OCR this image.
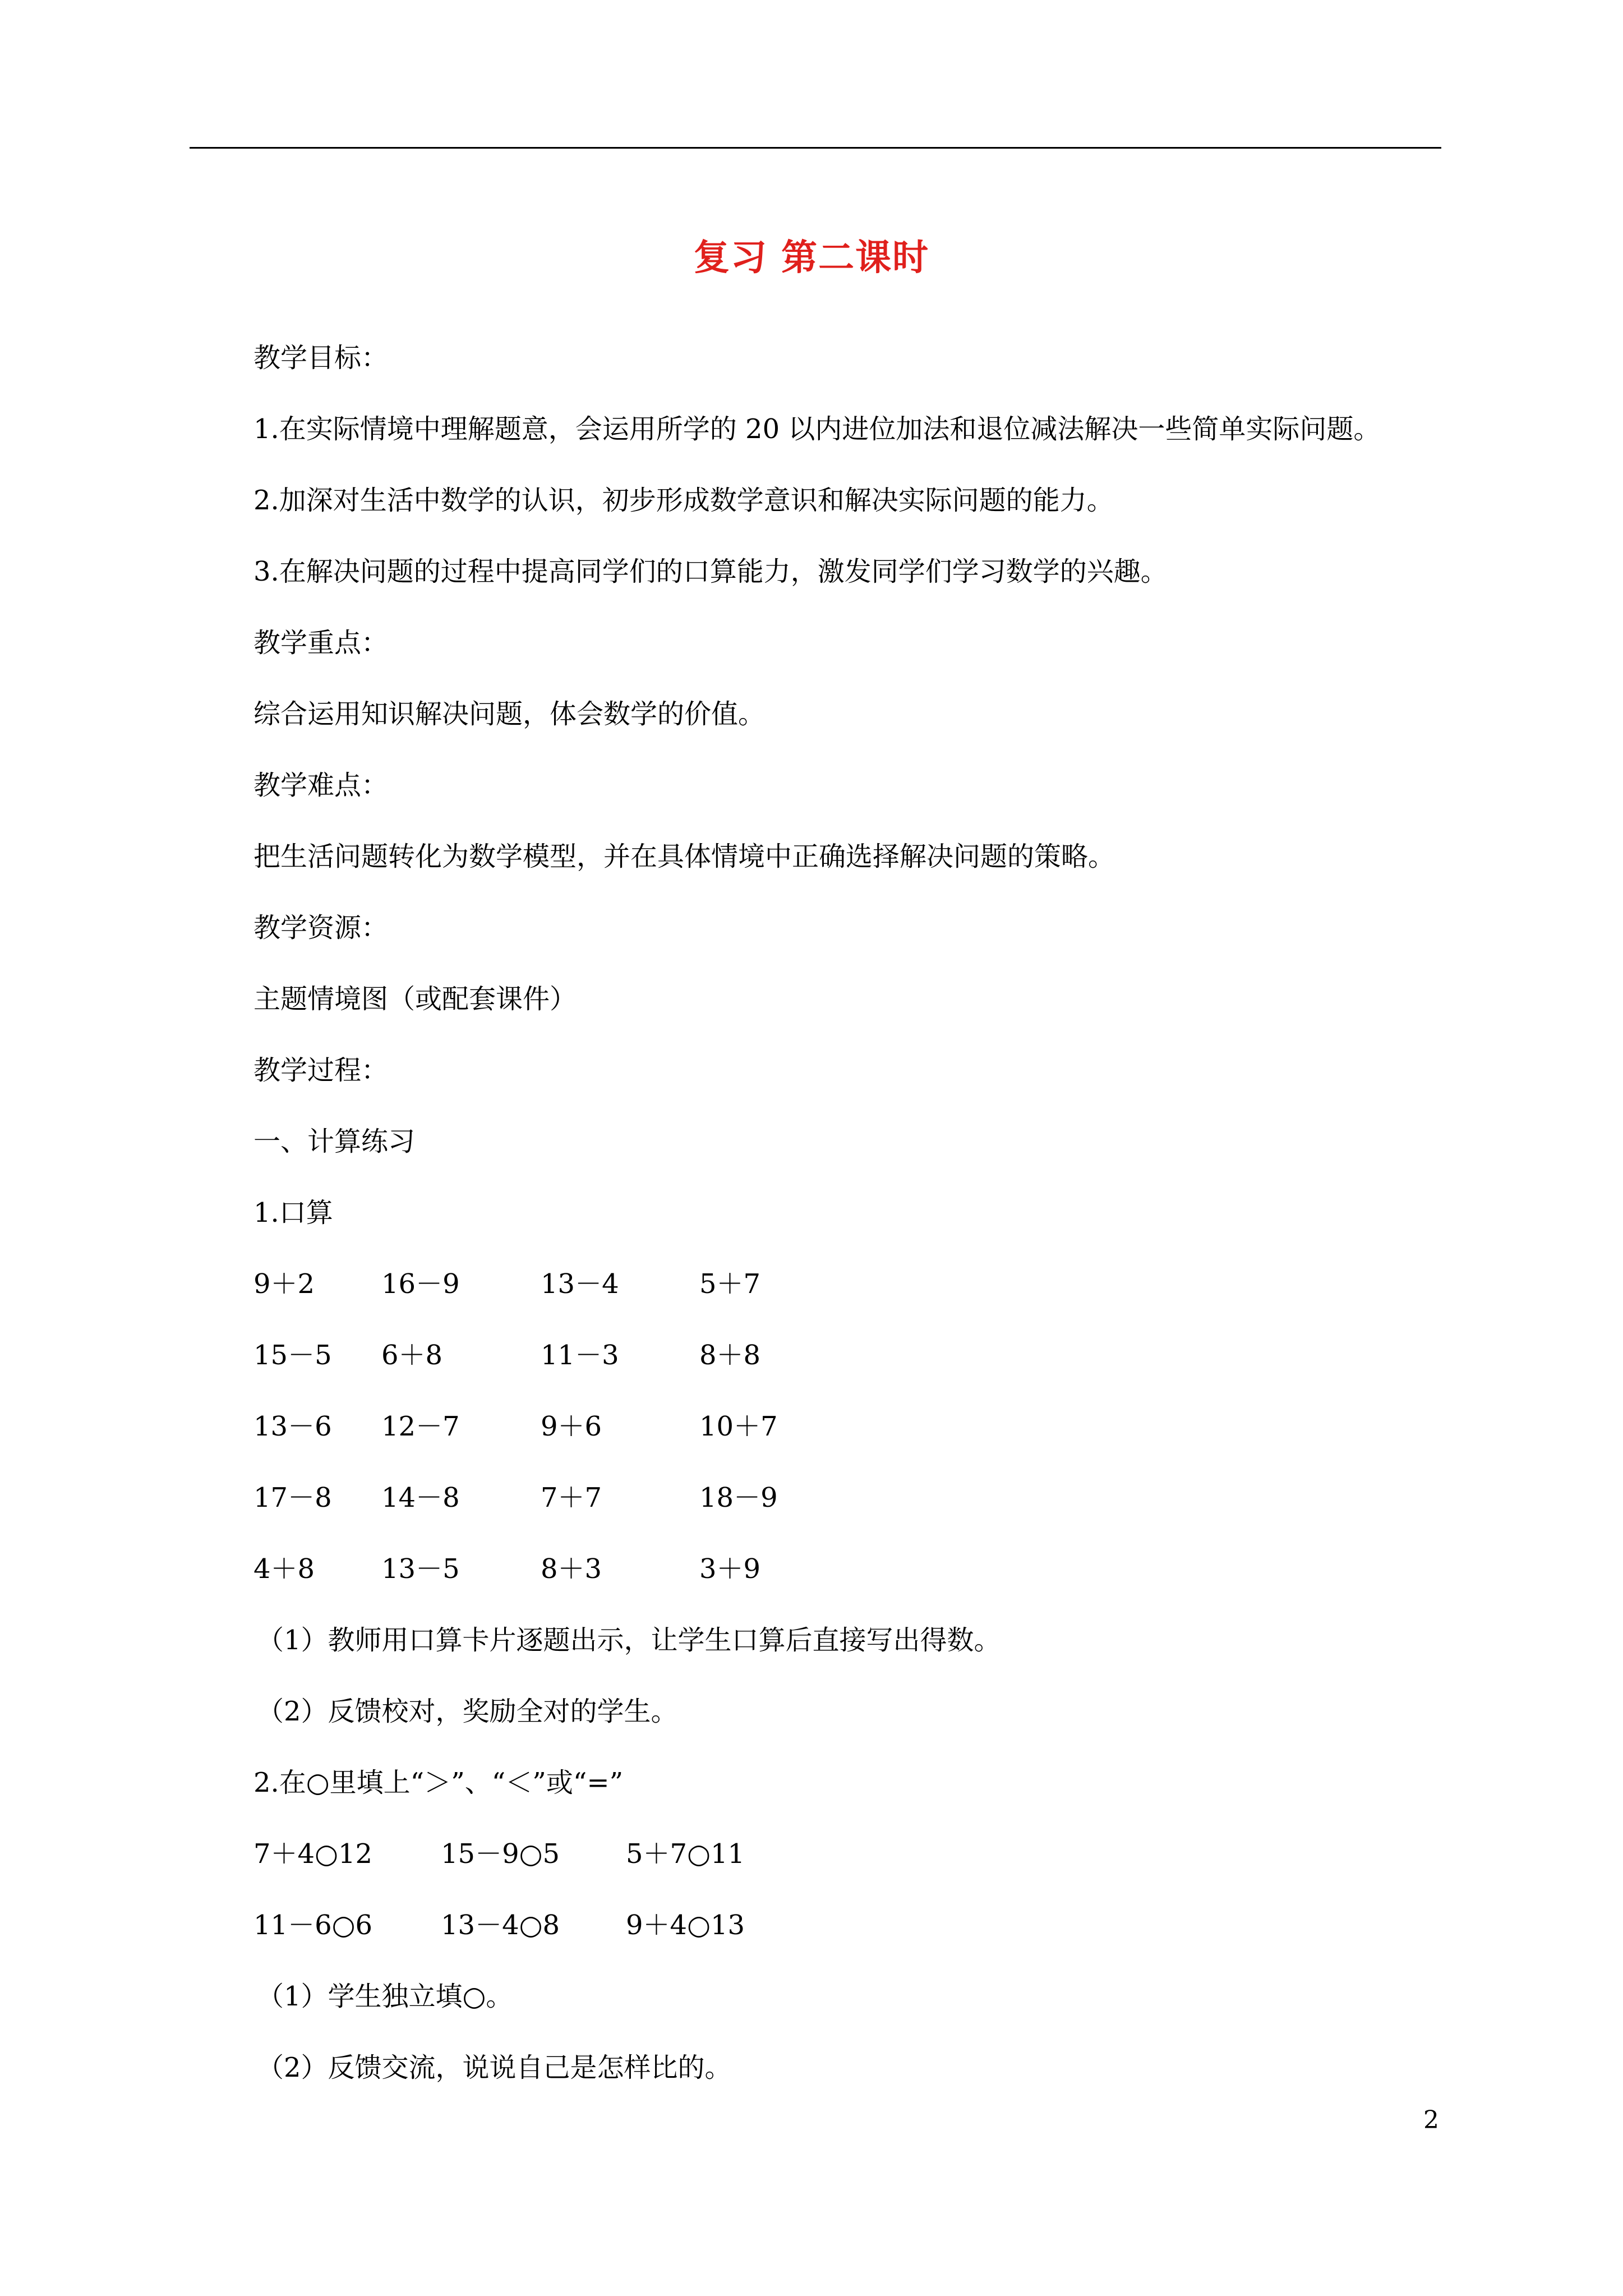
复习 第二课时
教学目标：
1.在实际情境中理解题意，会运用所学的 20 以内进位加法和退位减法解决一些简单实际问题。
2.加深对生活中数学的认识，初步形成数学意识和解决实际问题的能力。
3.在解决问题的过程中提高同学们的口算能力，激发同学们学习数学的兴趣。
教学重点：
综合运用知识解决问题，体会数学的价值。
教学难点：
把生活问题转化为数学模型，并在具体情境中正确选择解决问题的策略。
教学资源：
主题情境图（或配套课件）
教学过程：
一、计算练习
1.口算
9＋2 16－9	13－4	5＋7
15－5 6＋8	11－3	8＋8
13－6 12－7	9＋6	10＋7
17－8 14－8	7＋7	18－9
4＋8 13－5	8＋3	3＋9
（1）教师用口算卡片逐题出示，让学生口算后直接写出得数。
（2）反馈校对，奖励全对的学生。
2.在○里填上“＞”、“＜”或“=”
7＋4○12	15－9○5 5＋7○11
11－6○6	13－4○8 9＋4○13
（1）学生独立填○。
（2）反馈交流，说说自己是怎样比的。
2
